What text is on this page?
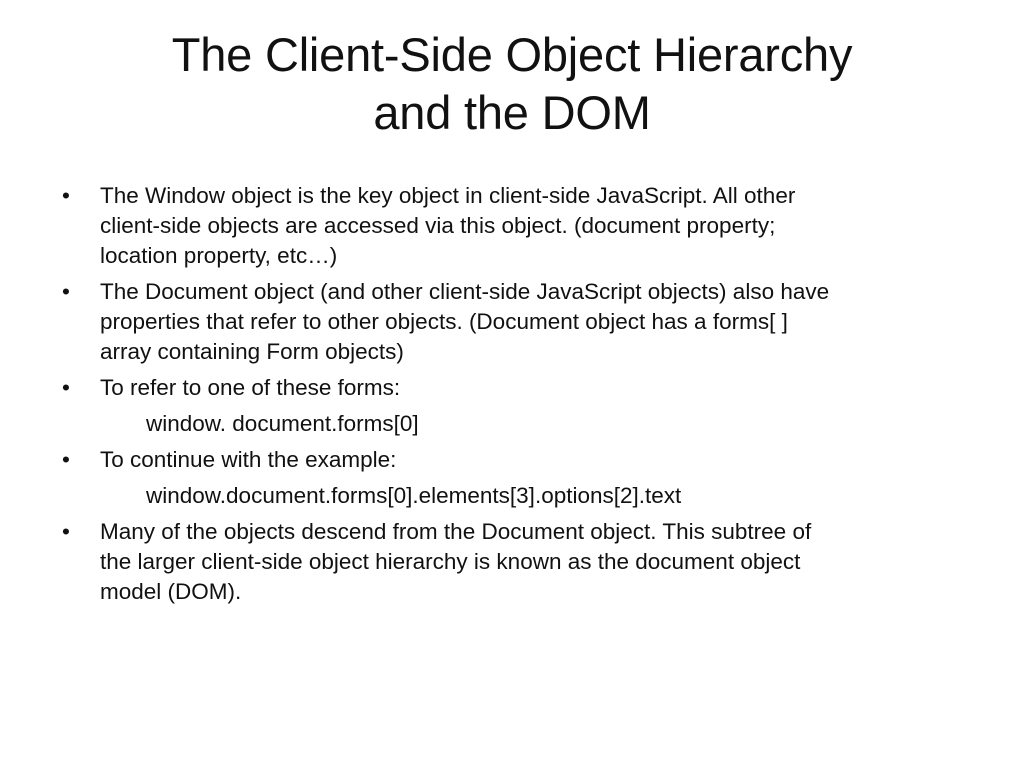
The Client-Side Object Hierarchy
and the DOM
•	The Window object is the key object in client-side JavaScript. All other
client-side objects are accessed via this object. (document property;
location property, etc…)
•	The Document object (and other client-side JavaScript objects) also have
properties that refer to other objects. (Document object has a forms[ ]
array containing Form objects)
•	To refer to one of these forms:
window. document.forms[0]
•	To continue with the example:
window.document.forms[0].elements[3].options[2].text
•	Many of the objects descend from the Document object. This subtree of
the larger client-side object hierarchy is known as the document object
model (DOM).
